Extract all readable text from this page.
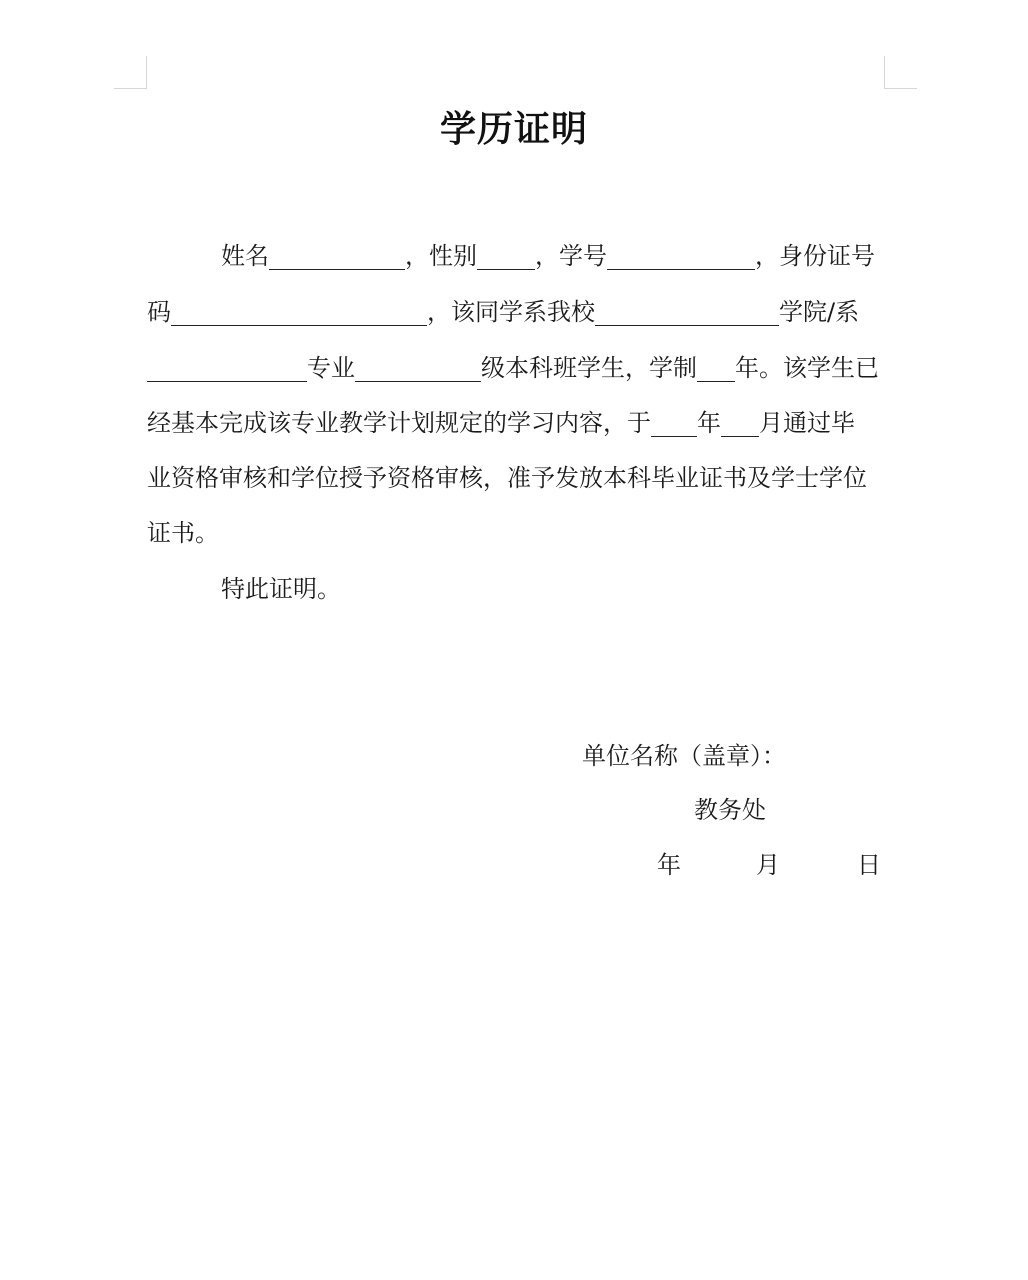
学历证明
姓名	，性别 ，学号	，身份证号
码	，该同学系我校	学院/系
专业	级本科班学生，学制 年。该学生已
经基本完成该专业教学计划规定的学习内容，于 年 月通过毕
业资格审核和学位授予资格审核，准予发放本科毕业证书及学士学位
证书。
特此证明。
单位名称（盖章）：
教务处
年	月	日
